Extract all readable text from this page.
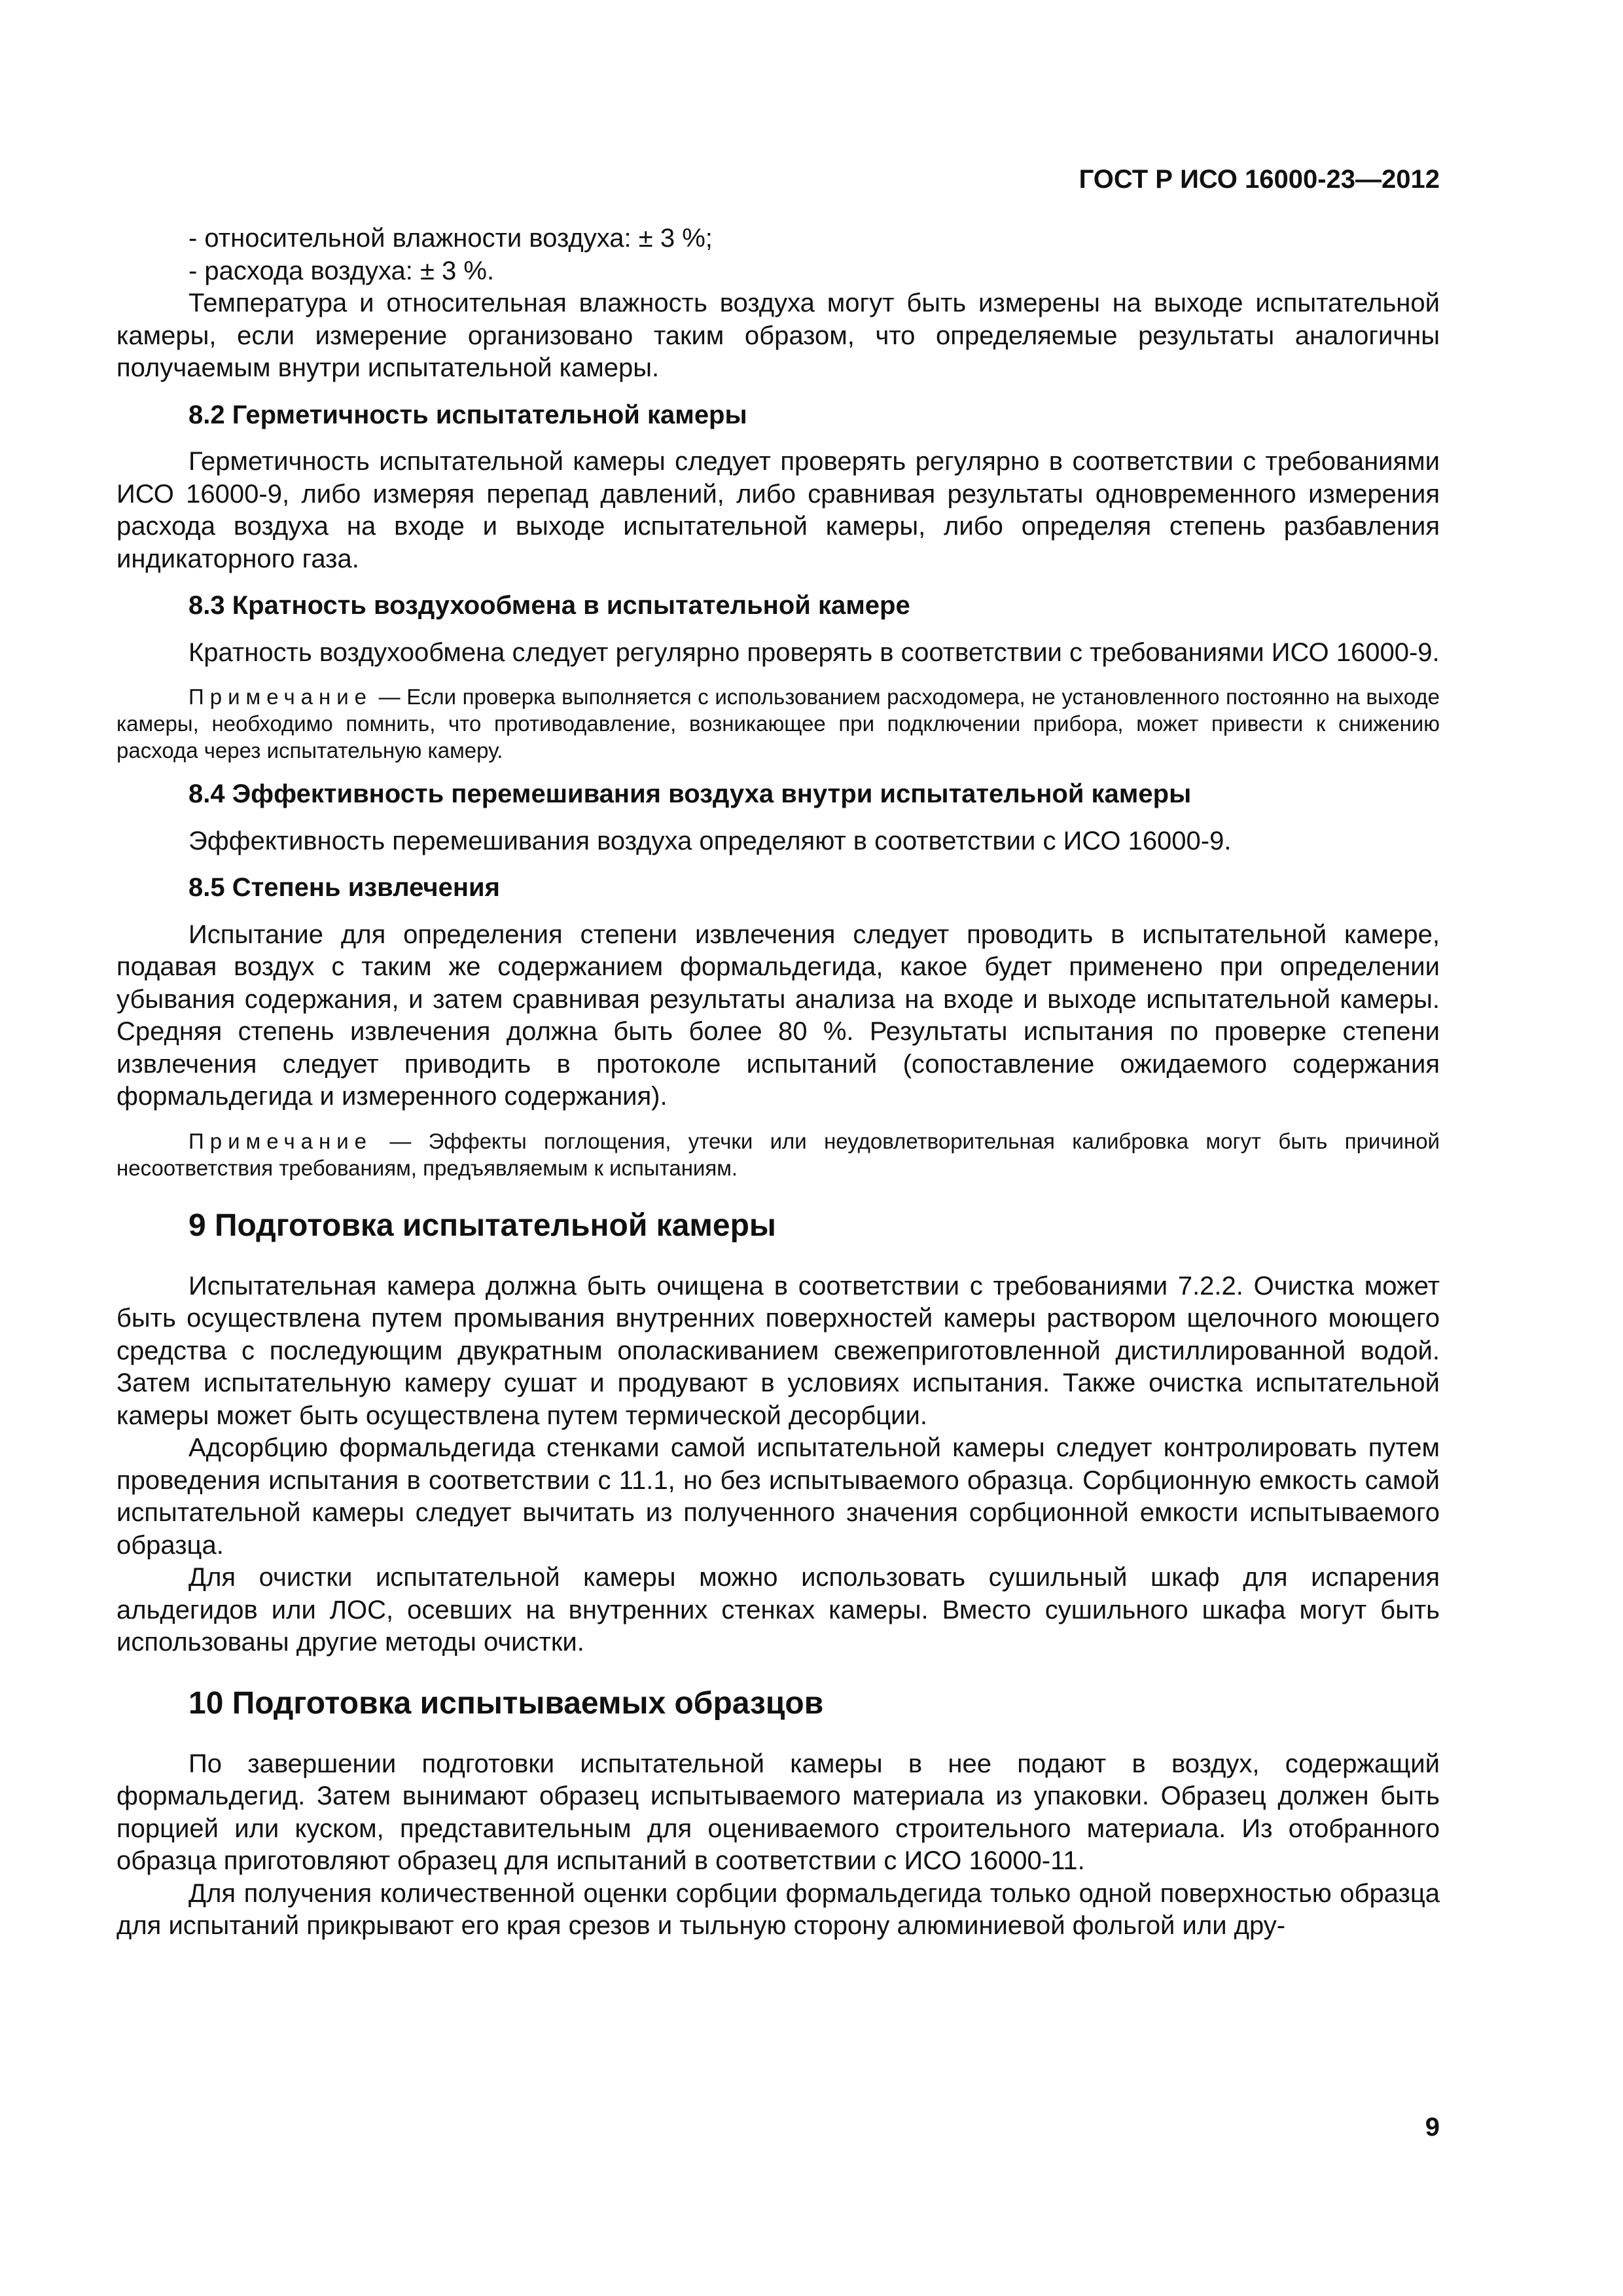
ГОСТ Р ИСО 16000-23—2012

- относительной влажности воздуха: ± 3 %;

- расхода воздуха: ± 3 %.

Температура и относительная влажность воздуха могут быть измерены на выходе испытательной камеры, если измерение организовано таким образом, что определяемые результаты аналогичны получаемым внутри испытательной камеры.

8.2 Герметичность испытательной камеры

Герметичность испытательной камеры следует проверять регулярно в соответствии с требованиями ИСО 16000-9, либо измеряя перепад давлений, либо сравнивая результаты одновременного измерения расхода воздуха на входе и выходе испытательной камеры, либо определяя степень разбавления индикаторного газа.

8.3 Кратность воздухообмена в испытательной камере

Кратность воздухообмена следует регулярно проверять в соответствии с требованиями ИСО 16000-9.

Примечание — Если проверка выполняется с использованием расходомера, не установленного постоянно на выходе камеры, необходимо помнить, что противодавление, возникающее при подключении прибора, может привести к снижению расхода через испытательную камеру.

8.4 Эффективность перемешивания воздуха внутри испытательной камеры

Эффективность перемешивания воздуха определяют в соответствии с ИСО 16000-9.

8.5 Степень извлечения

Испытание для определения степени извлечения следует проводить в испытательной камере, подавая воздух с таким же содержанием формальдегида, какое будет применено при определении убывания содержания, и затем сравнивая результаты анализа на входе и выходе испытательной камеры. Средняя степень извлечения должна быть более 80 %. Результаты испытания по проверке степени извлечения следует приводить в протоколе испытаний (сопоставление ожидаемого содержания формальдегида и измеренного содержания).

Примечание — Эффекты поглощения, утечки или неудовлетворительная калибровка могут быть причиной несоответствия требованиям, предъявляемым к испытаниям.

9 Подготовка испытательной камеры

Испытательная камера должна быть очищена в соответствии с требованиями 7.2.2. Очистка может быть осуществлена путем промывания внутренних поверхностей камеры раствором щелочного моющего средства с последующим двукратным ополаскиванием свежеприготовленной дистиллированной водой. Затем испытательную камеру сушат и продувают в условиях испытания. Также очистка испытательной камеры может быть осуществлена путем термической десорбции.

Адсорбцию формальдегида стенками самой испытательной камеры следует контролировать путем проведения испытания в соответствии с 11.1, но без испытываемого образца. Сорбционную емкость самой испытательной камеры следует вычитать из полученного значения сорбционной емкости испытываемого образца.

Для очистки испытательной камеры можно использовать сушильный шкаф для испарения альдегидов или ЛОС, осевших на внутренних стенках камеры. Вместо сушильного шкафа могут быть использованы другие методы очистки.

10 Подготовка испытываемых образцов

По завершении подготовки испытательной камеры в нее подают в воздух, содержащий формальдегид. Затем вынимают образец испытываемого материала из упаковки. Образец должен быть порцией или куском, представительным для оцениваемого строительного материала. Из отобранного образца приготовляют образец для испытаний в соответствии с ИСО 16000-11.

Для получения количественной оценки сорбции формальдегида только одной поверхностью образца для испытаний прикрывают его края срезов и тыльную сторону алюминиевой фольгой или дру-

9
